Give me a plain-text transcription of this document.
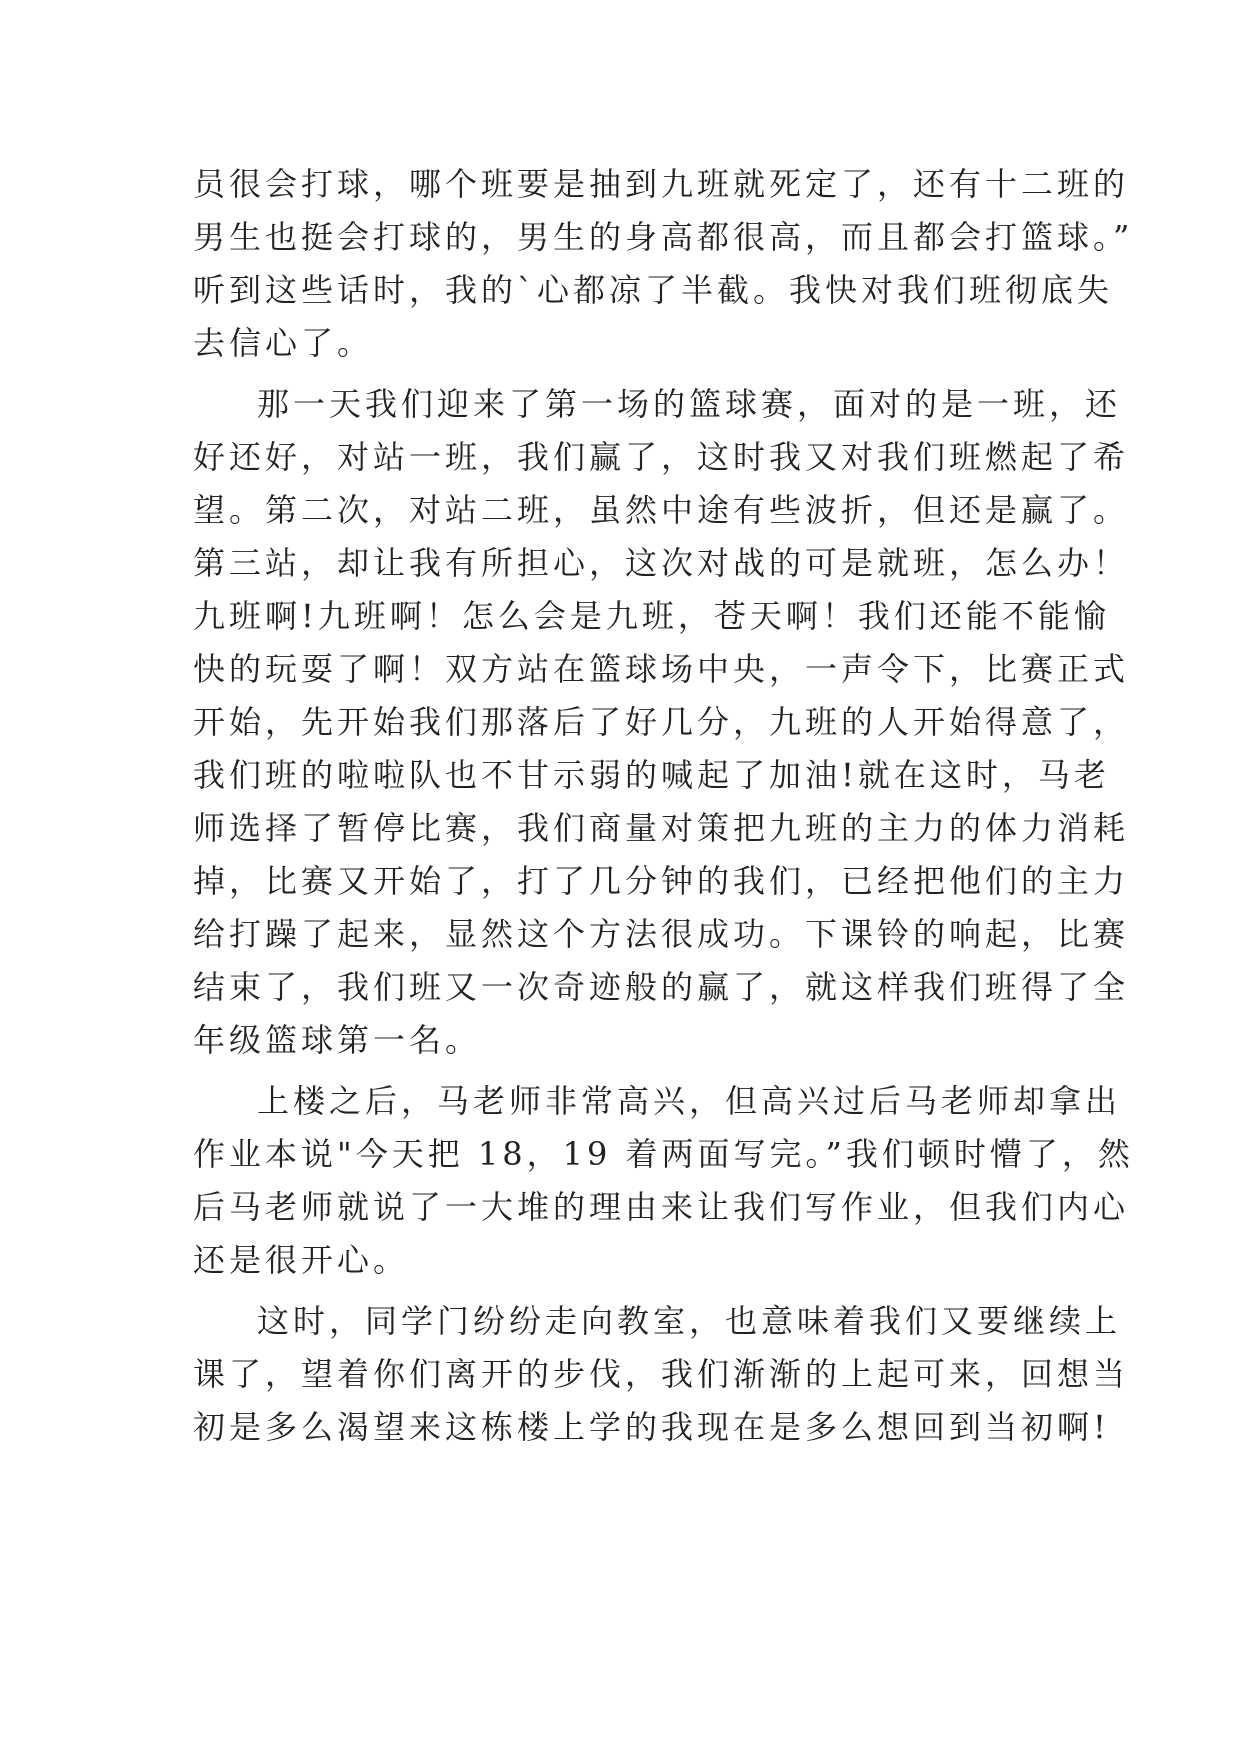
员很会打球，哪个班要是抽到九班就死定了，还有十二班的
男生也挺会打球的，男生的身高都很高，而且都会打篮球。”
听到这些话时，我的`心都凉了半截。我快对我们班彻底失
去信心了。
那一天我们迎来了第一场的篮球赛，面对的是一班，还
好还好，对站一班，我们赢了，这时我又对我们班燃起了希
望。第二次，对站二班，虽然中途有些波折，但还是赢了。
第三站，却让我有所担心，这次对战的可是就班，怎么办！
九班啊!九班啊！怎么会是九班，苍天啊！我们还能不能愉
快的玩耍了啊！双方站在篮球场中央，一声令下，比赛正式
开始，先开始我们那落后了好几分，九班的人开始得意了，
我们班的啦啦队也不甘示弱的喊起了加油!就在这时，马老
师选择了暂停比赛，我们商量对策把九班的主力的体力消耗
掉，比赛又开始了，打了几分钟的我们，已经把他们的主力
给打躁了起来，显然这个方法很成功。下课铃的响起，比赛
结束了，我们班又一次奇迹般的赢了，就这样我们班得了全
年级篮球第一名。
上楼之后，马老师非常高兴，但高兴过后马老师却拿出
作业本说"今天把 18，19 着两面写完。”我们顿时懵了，然
后马老师就说了一大堆的理由来让我们写作业，但我们内心
还是很开心。
这时，同学门纷纷走向教室，也意味着我们又要继续上
课了，望着你们离开的步伐，我们渐渐的上起可来，回想当
初是多么渴望来这栋楼上学的我现在是多么想回到当初啊!
